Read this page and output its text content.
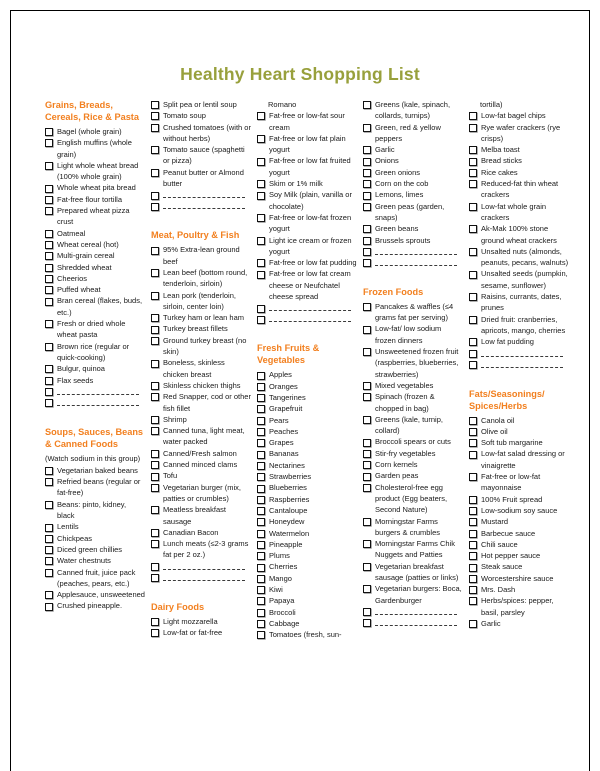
Healthy Heart Shopping List
Grains, Breads, Cereals, Rice & Pasta
Bagel (whole grain)
English muffins (whole grain)
Light whole wheat bread (100% whole grain)
Whole wheat pita bread
Fat-free flour tortilla
Prepared wheat pizza crust
Oatmeal
Wheat cereal (hot)
Multi-grain cereal
Shredded wheat
Cheerios
Puffed wheat
Bran cereal (flakes, buds, etc.)
Fresh or dried whole wheat pasta
Brown rice (regular or quick-cooking)
Bulgur, quinoa
Flax seeds
Soups, Sauces, Beans & Canned Foods
(Watch sodium in this group)
Vegetarian baked beans
Refried beans (regular or fat-free)
Beans: pinto, kidney, black
Lentils
Chickpeas
Diced green chillies
Water chestnuts
Canned fruit, juice pack (peaches, pears, etc.)
Applesauce, unsweetened
Crushed pineapple.
Split pea or lentil soup
Tomato soup
Crushed tomatoes (with or without herbs)
Tomato sauce (spaghetti or pizza)
Peanut butter or Almond butter
Meat, Poultry & Fish
95% Extra-lean ground beef
Lean beef (bottom round, tenderloin, sirloin)
Lean pork (tenderloin, sirloin, center loin)
Turkey ham or lean ham
Turkey breast fillets
Ground turkey breast (no skin)
Boneless, skinless chicken breast
Skinless chicken thighs
Red Snapper, cod or other fish fillet
Shrimp
Canned tuna, light meat, water packed
Canned/Fresh salmon
Canned minced clams
Tofu
Vegetarian burger (mix, patties or crumbles)
Meatless breakfast sausage
Canadian Bacon
Lunch meats (≤2-3 grams fat per 2 oz.)
Dairy Foods
Light mozzarella
Low-fat or fat-free
Romano
Fat-free or low-fat sour cream
Fat-free or low fat plain yogurt
Fat-free or low fat fruited yogurt
Skim or 1% milk
Soy Milk (plain, vanilla or chocolate)
Fat-free or low-fat frozen yogurt
Light ice cream or frozen yogurt
Fat-free or low fat pudding
Fat-free or low fat cream cheese or Neufchatel cheese spread
Fresh Fruits & Vegetables
Apples
Oranges
Tangerines
Grapefruit
Pears
Peaches
Grapes
Bananas
Nectarines
Strawberries
Blueberries
Raspberries
Cantaloupe
Honeydew
Watermelon
Pineapple
Plums
Cherries
Mango
Kiwi
Papaya
Broccoli
Cabbage
Tomatoes (fresh, sun-
Greens (kale, spinach, collards, turnips)
Green, red & yellow peppers
Garlic
Onions
Green onions
Corn on the cob
Lemons, limes
Green peas (garden, snaps)
Green beans
Brussels sprouts
Frozen Foods
Pancakes & waffles (≤4 grams fat per serving)
Low-fat/ low sodium frozen dinners
Unsweetened frozen fruit (raspberries, blueberries, strawberries)
Mixed vegetables
Spinach (frozen & chopped in bag)
Greens (kale, turnip, collard)
Broccoli spears or cuts
Stir-fry vegetables
Corn kernels
Garden peas
Cholesterol-free egg product (Egg beaters, Second Nature)
Morningstar Farms burgers & crumbles
Morningstar Farms Chik Nuggets and Patties
Vegetarian breakfast sausage (patties or links)
Vegetarian burgers: Boca, Gardenburger
tortilla)
Low-fat bagel chips
Rye wafer crackers (rye crisps)
Melba toast
Bread sticks
Rice cakes
Reduced-fat thin wheat crackers
Low-fat whole grain crackers
Ak-Mak 100% stone ground wheat crackers
Unsalted nuts (almonds, peanuts, pecans, walnuts)
Unsalted seeds (pumpkin, sesame, sunflower)
Raisins, currants, dates, prunes
Dried fruit: cranberries, apricots, mango, cherries
Low fat pudding
Fats/Seasonings/ Spices/Herbs
Canola oil
Olive oil
Soft tub margarine
Low-fat salad dressing or vinaigrette
Fat-free or low-fat mayonnaise
100% Fruit spread
Low-sodium soy sauce
Mustard
Barbecue sauce
Chili sauce
Hot pepper sauce
Steak sauce
Worcestershire sauce
Mrs. Dash
Herbs/spices: pepper, basil, parsley
Garlic
